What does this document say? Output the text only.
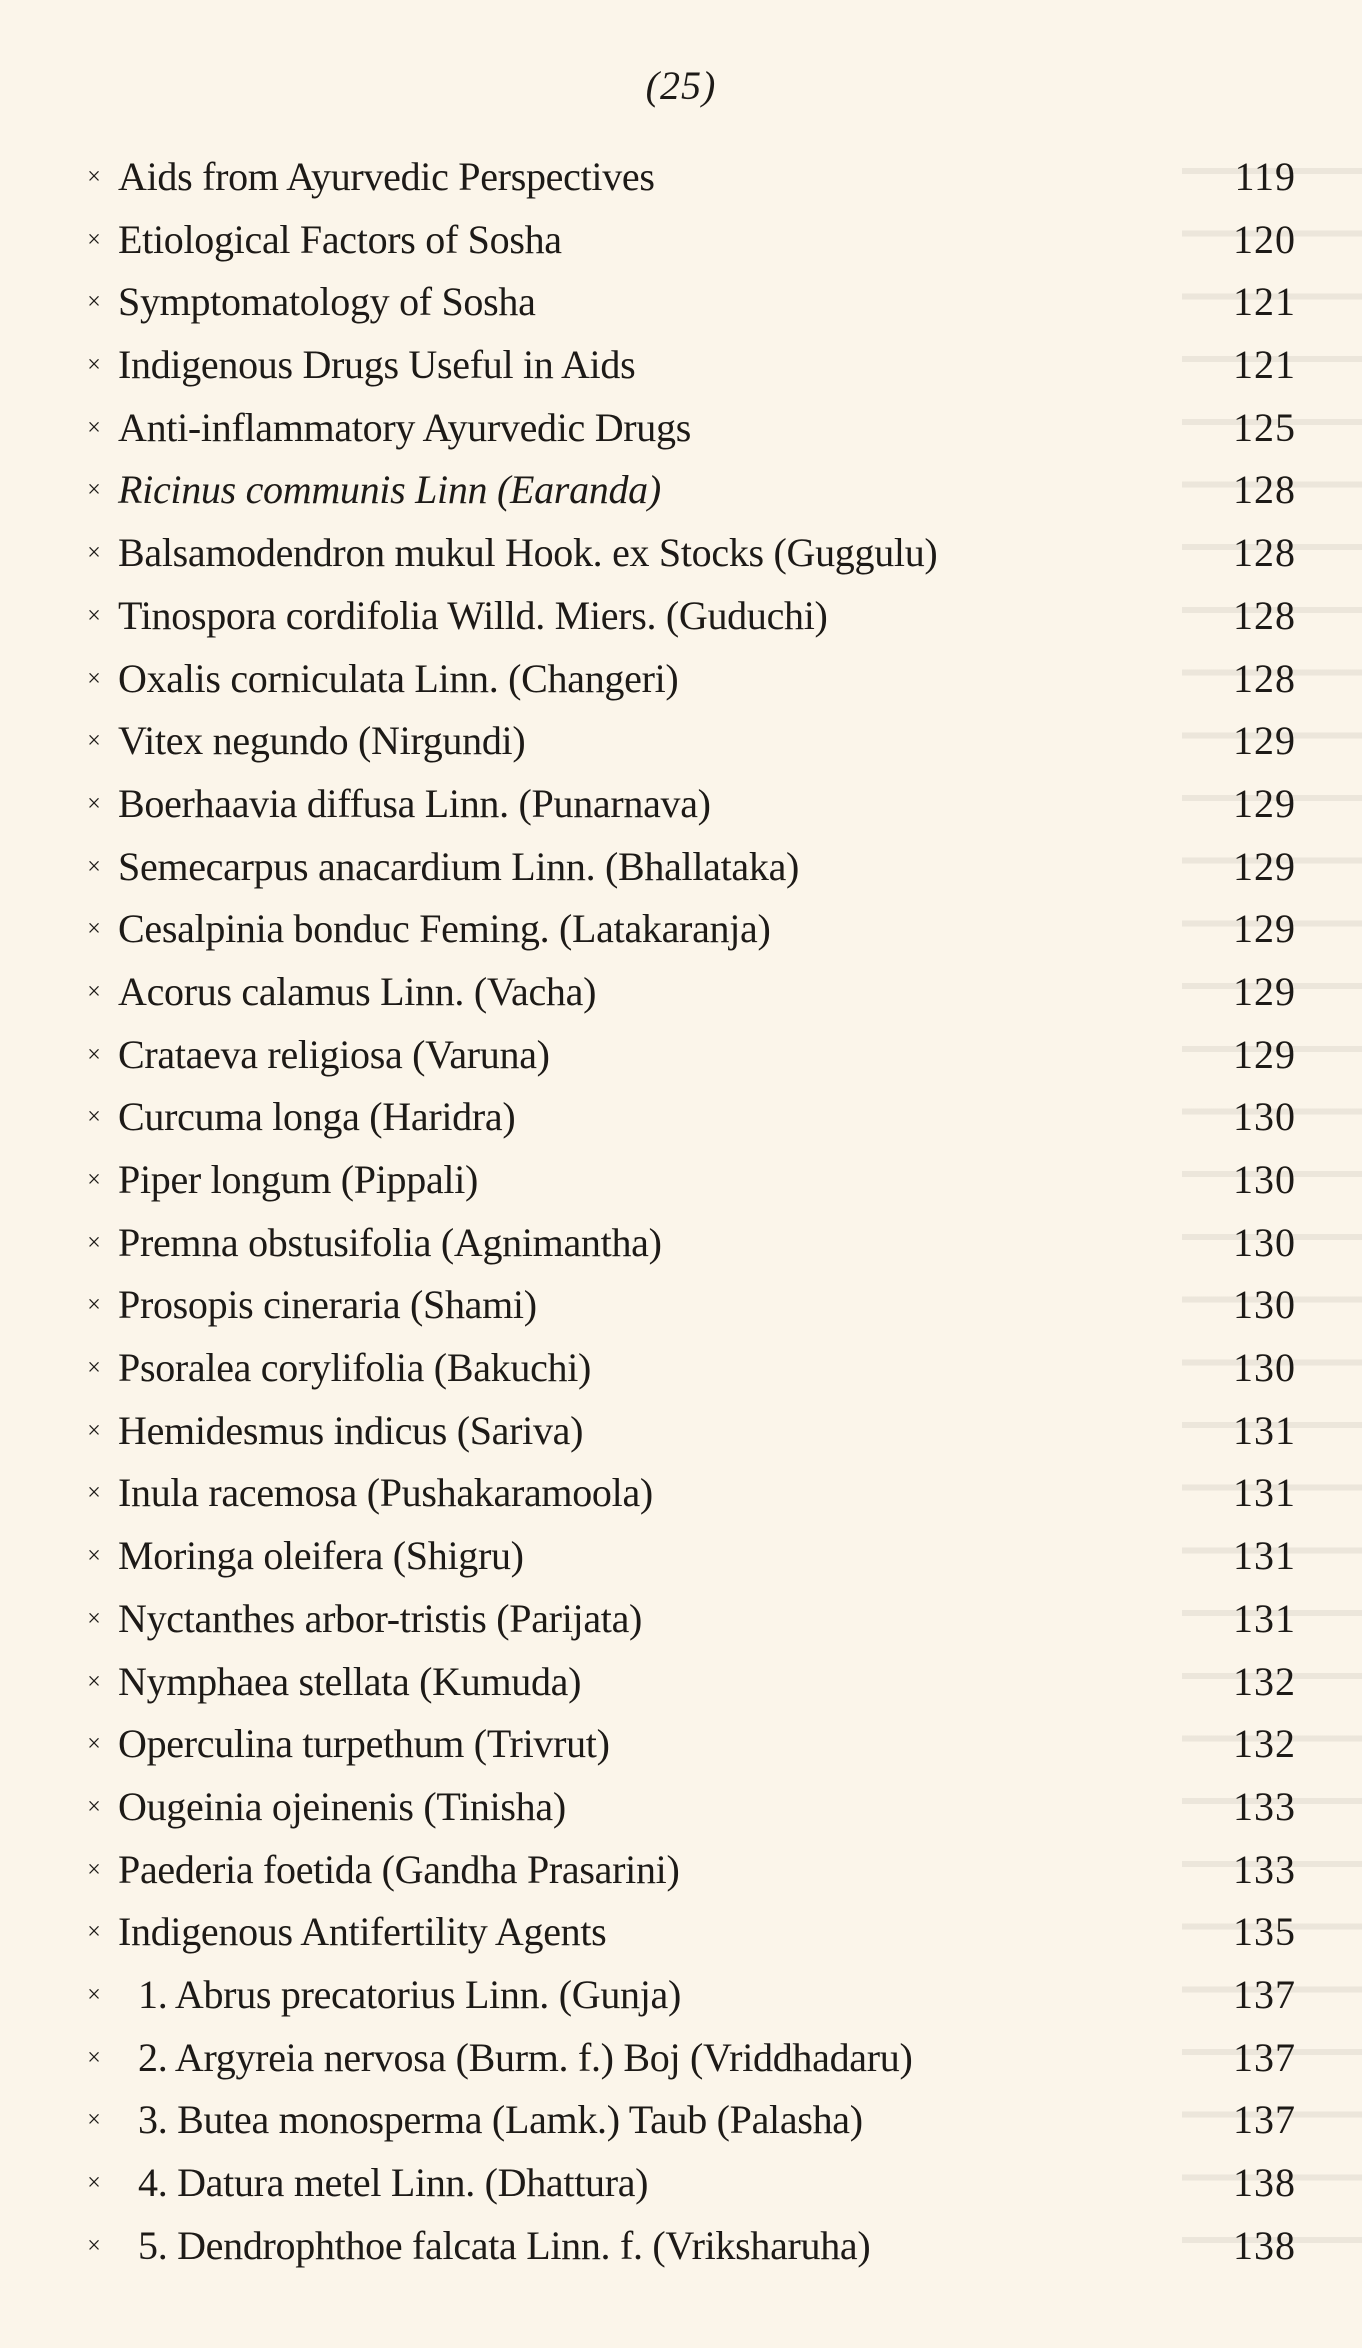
(25)
× Aids from Ayurvedic Perspectives	119
× Etiological Factors of Sosha	120
× Symptomatology of Sosha	121
× Indigenous Drugs Useful in Aids	121
× Anti-inflammatory Ayurvedic Drugs	125
× Ricinus communis Linn (Earanda)	128
× Balsamodendron mukul Hook. ex Stocks (Guggulu)	128
× Tinospora cordifolia Willd. Miers. (Guduchi)	128
× Oxalis corniculata Linn. (Changeri)	128
× Vitex negundo (Nirgundi)	129
× Boerhaavia diffusa Linn. (Punarnava)	129
× Semecarpus anacardium Linn. (Bhallataka)	129
× Cesalpinia bonduc Feming. (Latakaranja)	129
× Acorus calamus Linn. (Vacha)	129
× Crataeva religiosa (Varuna)	129
× Curcuma longa (Haridra)	130
× Piper longum (Pippali)	130
× Premna obstusifolia (Agnimantha)	130
× Prosopis cineraria (Shami)	130
× Psoralea corylifolia (Bakuchi)	130
× Hemidesmus indicus (Sariva)	131
× Inula racemosa (Pushakaramoola)	131
× Moringa oleifera (Shigru)	131
× Nyctanthes arbor-tristis (Parijata)	131
× Nymphaea stellata (Kumuda)	132
× Operculina turpethum (Trivrut)	132
× Ougeinia ojeinenis (Tinisha)	133
× Paederia foetida (Gandha Prasarini)	133
× Indigenous Antifertility Agents	135
× 1. Abrus precatorius Linn. (Gunja)	137
× 2. Argyreia nervosa (Burm. f.) Boj (Vriddhadaru)	137
× 3. Butea monosperma (Lamk.) Taub (Palasha)	137
× 4. Datura metel Linn. (Dhattura)	138
× 5. Dendrophthoe falcata Linn. f. (Vriksharuha)	138
